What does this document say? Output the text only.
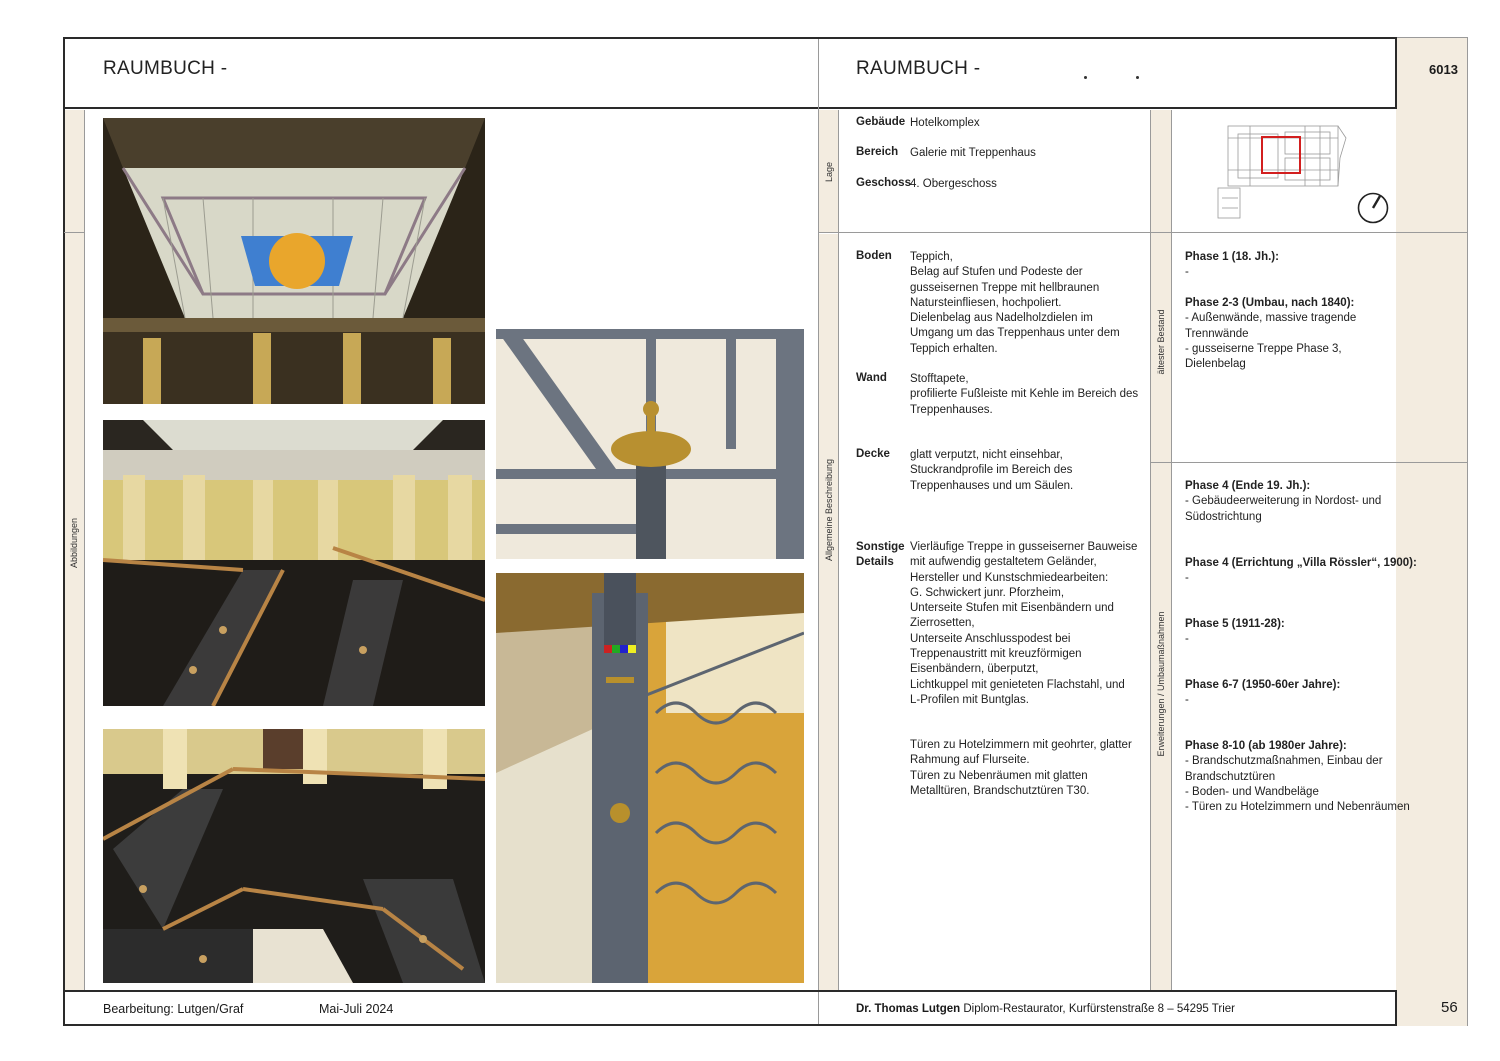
RAUMBUCH -	RAUMBUCH -	6013
Abbildungen
Lage
Allgemeine Beschreibung
ältester Bestand
Erweiterungen / Umbaumaßnahmen
Gebäude Hotelkomplex
Bereich Galerie mit Treppenhaus
Geschoss 4. Obergeschoss
Boden Teppich,
Belag auf Stufen und Podeste der
gusseisernen Treppe mit hellbraunen
Natursteinfliesen, hochpoliert.
Dielenbelag aus Nadelholzdielen im
Umgang um das Treppenhaus unter dem
Teppich erhalten.
Wand Stofftapete,
profilierte Fußleiste mit Kehle im Bereich des
Treppenhauses.
Decke glatt verputzt, nicht einsehbar,
Stuckrandprofile im Bereich des
Treppenhauses und um Säulen.
Sonstige
Details
Vierläufige Treppe in gusseiserner Bauweise
mit aufwendig gestaltetem Geländer,
Hersteller und Kunstschmiedearbeiten:
G. Schwickert junr. Pforzheim,
Unterseite Stufen mit Eisenbändern und
Zierrosetten,
Unterseite Anschlusspodest bei
Treppenaustritt mit kreuzförmigen
Eisenbändern, überputzt,
Lichtkuppel mit genieteten Flachstahl, und
L-Profilen mit Buntglas.
Türen zu Hotelzimmern mit geohrter, glatter
Rahmung auf Flurseite.
Türen zu Nebenräumen mit glatten
Metalltüren, Brandschutztüren T30.
Phase 1 (18. Jh.):
-
Phase 2-3 (Umbau, nach 1840):
- Außenwände, massive tragende
Trennwände
- gusseiserne Treppe Phase 3,
Dielenbelag
Phase 4 (Ende 19. Jh.):
- Gebäudeerweiterung in Nordost- und
Südostrichtung
Phase 4 (Errichtung „Villa Rössler“, 1900):
-
Phase 5 (1911-28):
-
Phase 6-7 (1950-60er Jahre):
-
Phase 8-10 (ab 1980er Jahre):
- Brandschutzmaßnahmen, Einbau der
Brandschutztüren
- Boden- und Wandbeläge
- Türen zu Hotelzimmern und Nebenräumen
Bearbeitung: Lutgen/Graf	Mai-Juli 2024	Dr. Thomas Lutgen Diplom-Restaurator, Kurfürstenstraße 8 – 54295 Trier	56
